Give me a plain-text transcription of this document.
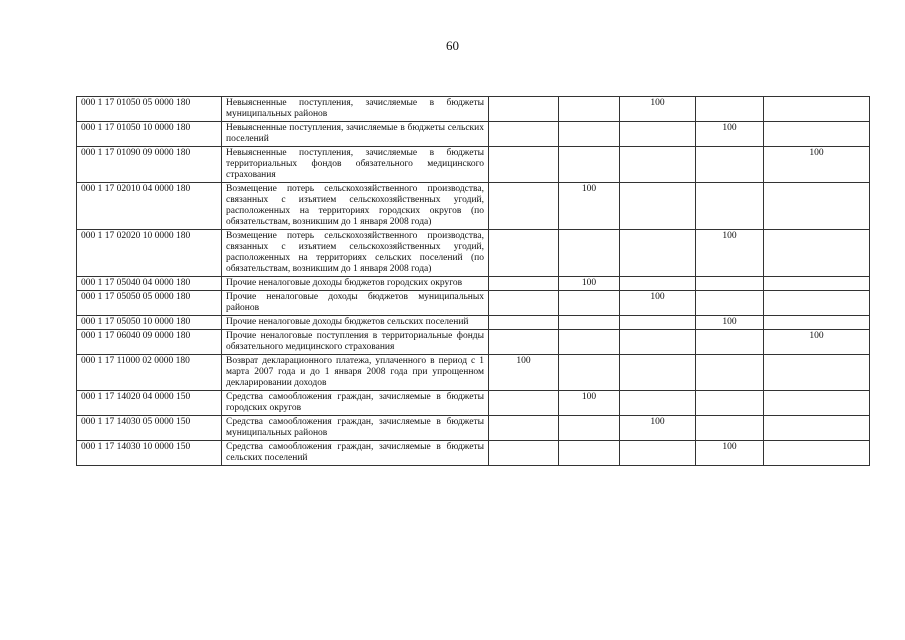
60
000 1 17 01050 05 0000 180	Невыясненные поступления, зачисляемые в бюджеты муниципальных районов			100		
000 1 17 01050 10 0000 180	Невыясненные поступления, зачисляемые в бюджеты сельских поселений				100	
000 1 17 01090 09 0000 180	Невыясненные поступления, зачисляемые в бюджеты территориальных фондов обязательного медицинского страхования					100
000 1 17 02010 04 0000 180	Возмещение потерь сельскохозяйственного производства, связанных с изъятием сельскохозяйственных угодий, расположенных на территориях городских округов (по обязательствам, возникшим до 1 января 2008 года)		100			
000 1 17 02020 10 0000 180	Возмещение потерь сельскохозяйственного производства, связанных с изъятием сельскохозяйственных угодий, расположенных на территориях сельских поселений (по обязательствам, возникшим до 1 января 2008 года)				100	
000 1 17 05040 04 0000 180	Прочие неналоговые доходы бюджетов городских округов		100			
000 1 17 05050 05 0000 180	Прочие неналоговые доходы бюджетов муниципальных районов			100		
000 1 17 05050 10 0000 180	Прочие неналоговые доходы бюджетов сельских поселений				100	
000 1 17 06040 09 0000 180	Прочие неналоговые поступления в территориальные фонды обязательного медицинского страхования					100
000 1 17 11000 02 0000 180	Возврат декларационного платежа, уплаченного в период с 1 марта 2007 года и до 1 января 2008 года при упрощенном декларировании доходов	100				
000 1 17 14020 04 0000 150	Средства самообложения граждан, зачисляемые в бюджеты городских округов		100			
000 1 17 14030 05 0000 150	Средства самообложения граждан, зачисляемые в бюджеты муниципальных районов			100		
000 1 17 14030 10 0000 150	Средства самообложения граждан, зачисляемые в бюджеты сельских поселений				100	
